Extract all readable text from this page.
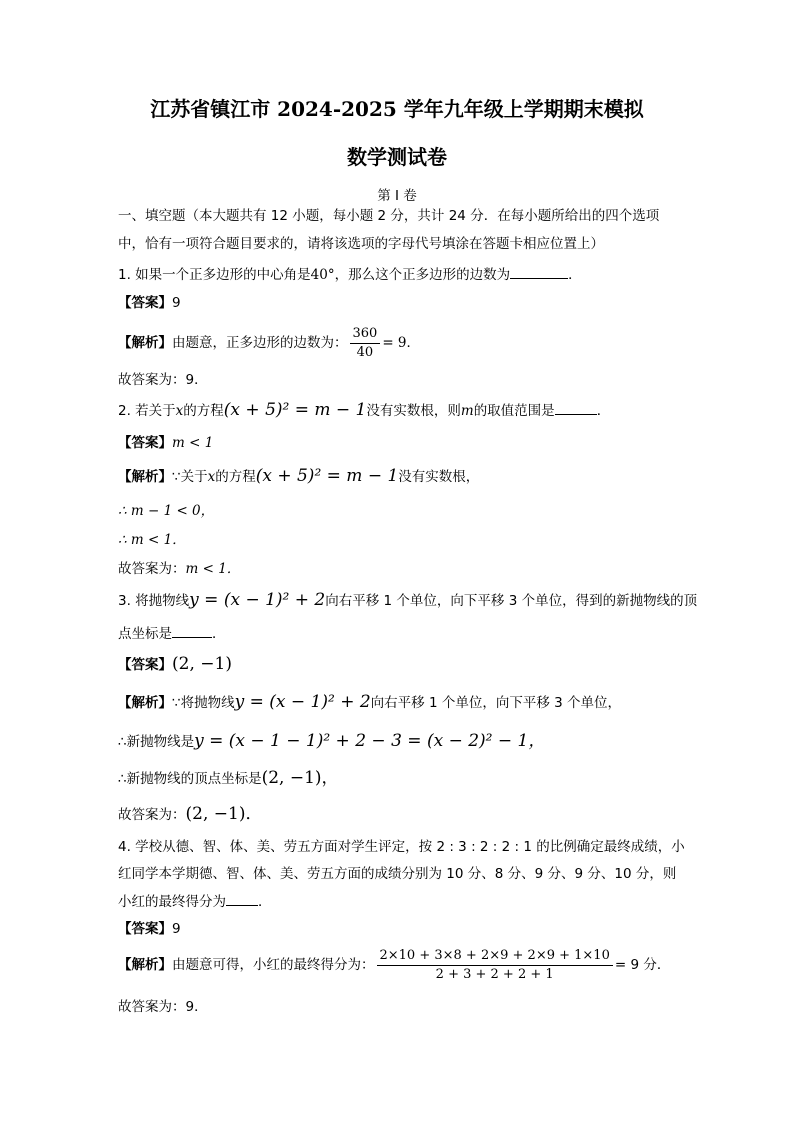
江苏省镇江市 2024-2025 学年九年级上学期期末模拟
数学测试卷
第 I 卷
一、填空题（本大题共有 12 小题，每小题 2 分，共计 24 分．在每小题所给出的四个选项
中，恰有一项符合题目要求的，请将该选项的字母代号填涂在答题卡相应位置上）
1. 如果一个正多边形的中心角是40°，那么这个正多边形的边数为	．
【答案】9
【解析】由题意，正多边形的边数为： $\frac{360}{40} = 9$．
故答案为：9．
2. 若关于x的方程(x + 5)² = m − 1没有实数根，则m的取值范围是	．
【答案】m < 1
【解析】∵关于x的方程(x + 5)² = m − 1没有实数根，
∴ m − 1 < 0，
∴ m < 1．
故答案为：m < 1．
3. 将抛物线y = (x − 1)² + 2向右平移 1 个单位，向下平移 3 个单位，得到的新抛物线的顶
点坐标是	．
【答案】(2, −1)
【解析】∵将抛物线y = (x − 1)² + 2向右平移 1 个单位，向下平移 3 个单位，
∴新抛物线是y = (x − 1 − 1)² + 2 − 3 = (x − 2)² − 1，
∴新抛物线的顶点坐标是(2, −1)，
故答案为：(2, −1)．
4. 学校从德、智、体、美、劳五方面对学生评定，按 2 : 3 : 2 : 2 : 1 的比例确定最终成绩，小
红同学本学期德、智、体、美、劳五方面的成绩分别为 10 分、8 分、9 分、9 分、10 分，则
小红的最终得分为 ．
【答案】9
【解析】由题意可得，小红的最终得分为： $\frac{2\times 10 + 3\times 8 + 2\times 9 + 2\times 9 + 1\times 10}{2 + 3 + 2 + 2 + 1} = 9$ 分．
故答案为：9．
